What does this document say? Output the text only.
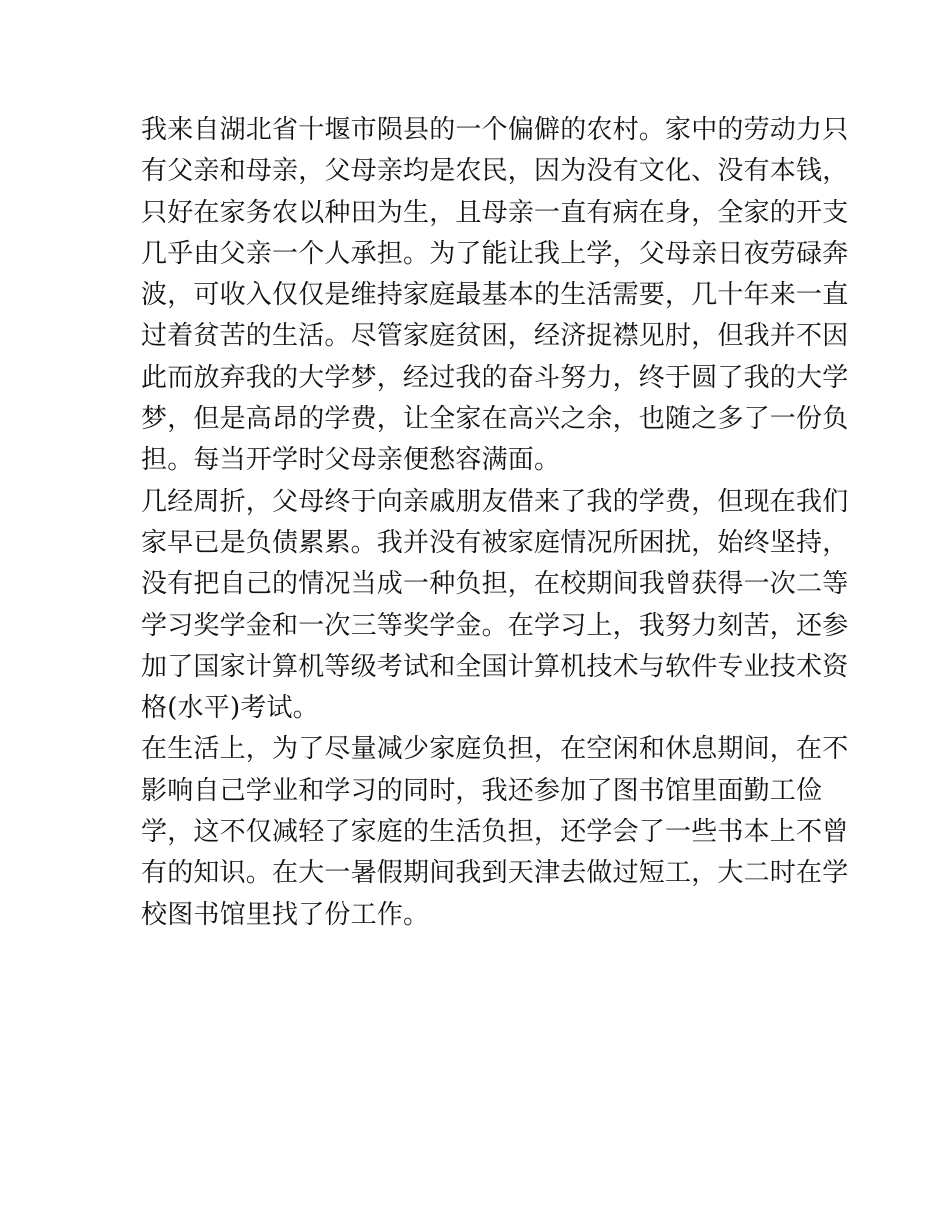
我来自湖北省十堰市陨县的一个偏僻的农村。家中的劳动力只
有父亲和母亲，父母亲均是农民，因为没有文化、没有本钱，
只好在家务农以种田为生，且母亲一直有病在身，全家的开支
几乎由父亲一个人承担。为了能让我上学，父母亲日夜劳碌奔
波，可收入仅仅是维持家庭最基本的生活需要，几十年来一直
过着贫苦的生活。尽管家庭贫困，经济捉襟见肘，但我并不因
此而放弃我的大学梦，经过我的奋斗努力，终于圆了我的大学
梦，但是高昂的学费，让全家在高兴之余，也随之多了一份负
担。每当开学时父母亲便愁容满面。
几经周折，父母终于向亲戚朋友借来了我的学费，但现在我们
家早已是负债累累。我并没有被家庭情况所困扰，始终坚持，
没有把自己的情况当成一种负担，在校期间我曾获得一次二等
学习奖学金和一次三等奖学金。在学习上，我努力刻苦，还参
加了国家计算机等级考试和全国计算机技术与软件专业技术资
格(水平)考试。
在生活上，为了尽量减少家庭负担，在空闲和休息期间，在不
影响自己学业和学习的同时，我还参加了图书馆里面勤工俭
学，这不仅减轻了家庭的生活负担，还学会了一些书本上不曾
有的知识。在大一暑假期间我到天津去做过短工，大二时在学
校图书馆里找了份工作。
